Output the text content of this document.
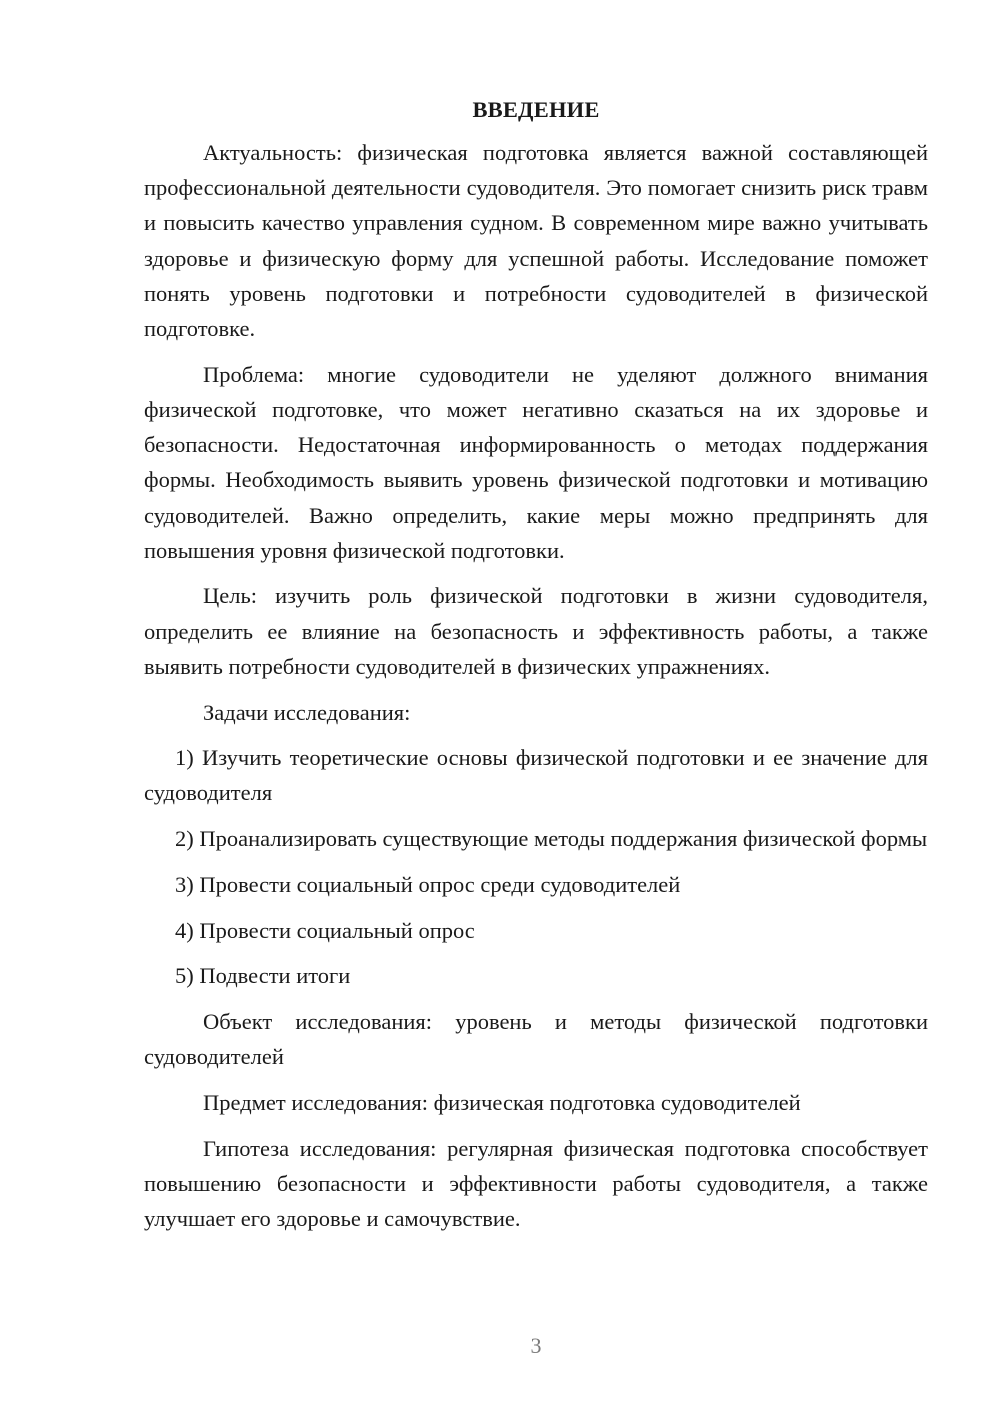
ВВЕДЕНИЕ

Актуальность: физическая подготовка является важной составляющей профессиональной деятельности судоводителя. Это помогает снизить риск травм и повысить качество управления судном. В современном мире важно учитывать здоровье и физическую форму для успешной работы. Исследование поможет понять уровень подготовки и потребности судоводителей в физической подготовке.

Проблема: многие судоводители не уделяют должного внимания физической подготовке, что может негативно сказаться на их здоровье и безопасности. Недостаточная информированность о методах поддержания формы. Необходимость выявить уровень физической подготовки и мотивацию судоводителей. Важно определить, какие меры можно предпринять для повышения уровня физической подготовки.

Цель: изучить роль физической подготовки в жизни судоводителя, определить ее влияние на безопасность и эффективность работы, а также выявить потребности судоводителей в физических упражнениях.

Задачи исследования:

1) Изучить теоретические основы физической подготовки и ее значение для судоводителя

2) Проанализировать существующие методы поддержания физической формы

3) Провести социальный опрос среди судоводителей

4) Провести социальный опрос

5) Подвести итоги

Объект исследования: уровень и методы физической подготовки судоводителей

Предмет исследования: физическая подготовка судоводителей

Гипотеза исследования: регулярная физическая подготовка способствует повышению безопасности и эффективности работы судоводителя, а также улучшает его здоровье и самочувствие.

3
